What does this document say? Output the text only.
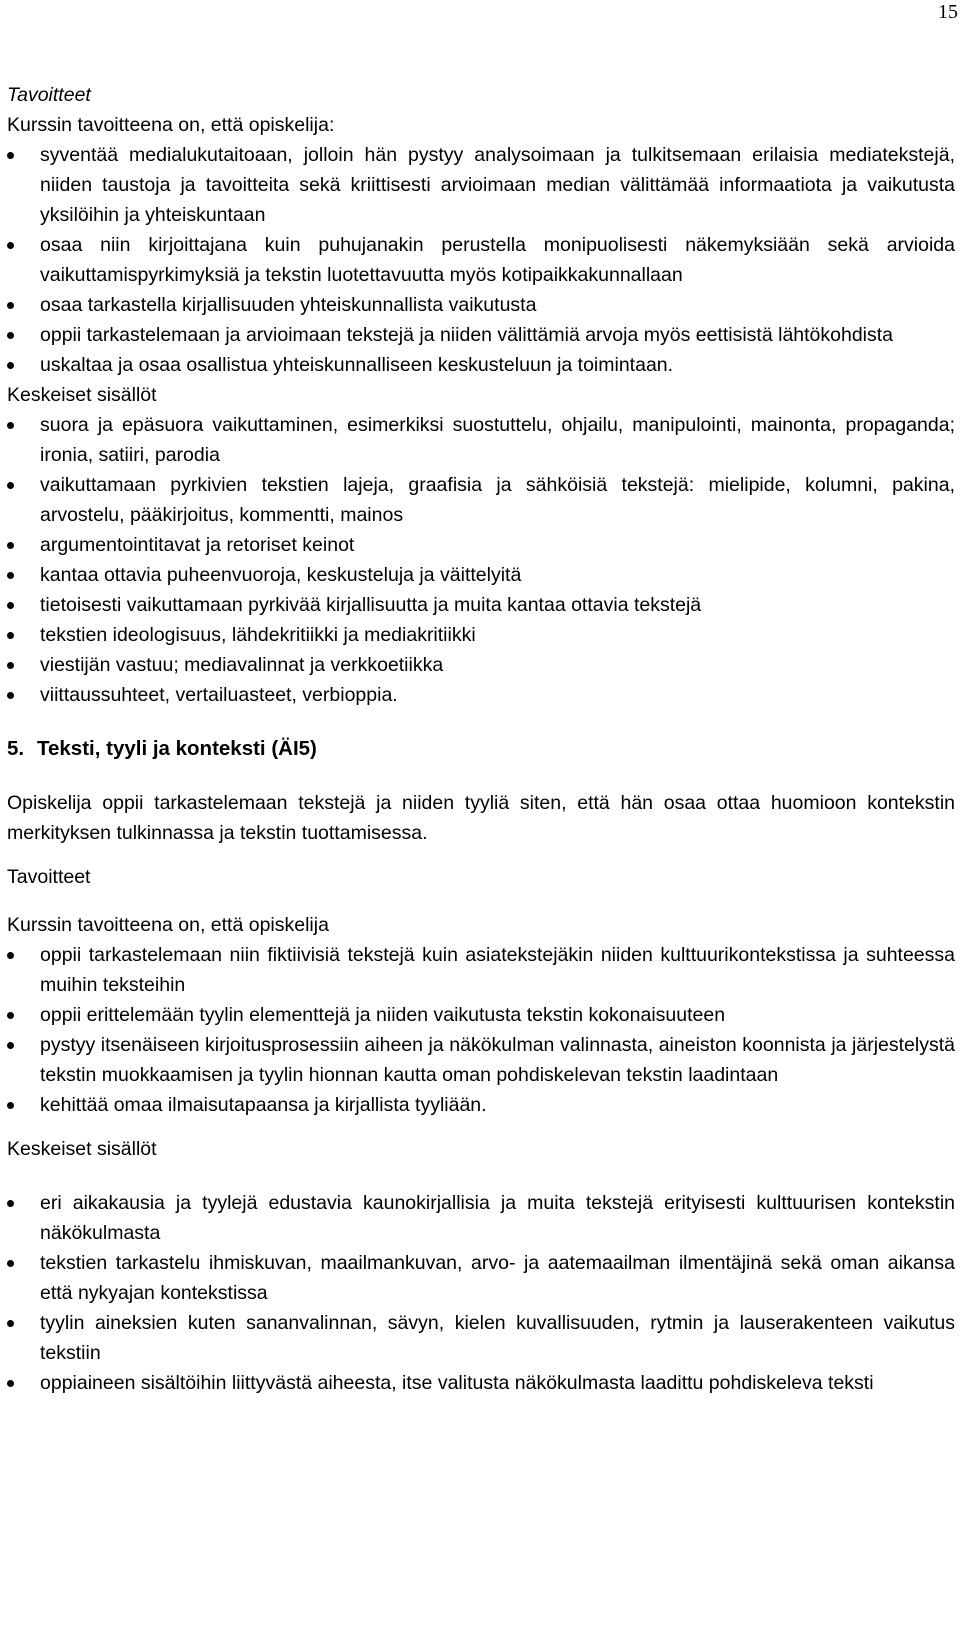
15
Tavoitteet
Kurssin tavoitteena on, että opiskelija:
syventää medialukutaitoaan, jolloin hän pystyy analysoimaan ja tulkitsemaan erilaisia mediatekstejä, niiden taustoja ja tavoitteita sekä kriittisesti arvioimaan median välittämää informaatiota ja vaikutusta yksilöihin ja yhteiskuntaan
osaa niin kirjoittajana kuin puhujanakin perustella monipuolisesti näkemyksiään sekä arvioida vaikuttamispyrkimyksiä ja tekstin luotettavuutta myös kotipaikkakunnallaan
osaa tarkastella kirjallisuuden yhteiskunnallista vaikutusta
oppii tarkastelemaan ja arvioimaan tekstejä ja niiden välittämiä arvoja myös eettisistä lähtökohdista
uskaltaa ja osaa osallistua yhteiskunnalliseen keskusteluun ja toimintaan.
Keskeiset sisällöt
suora ja epäsuora vaikuttaminen, esimerkiksi suostuttelu, ohjailu, manipulointi, mainonta, propaganda; ironia, satiiri, parodia
vaikuttamaan pyrkivien tekstien lajeja, graafisia ja sähköisiä tekstejä: mielipide, kolumni, pakina, arvostelu, pääkirjoitus, kommentti, mainos
argumentointitavat ja retoriset keinot
kantaa ottavia puheenvuoroja, keskusteluja ja väittelyitä
tietoisesti vaikuttamaan pyrkivää kirjallisuutta ja muita kantaa ottavia tekstejä
tekstien ideologisuus, lähdekritiikki ja mediakritiikki
viestijän vastuu; mediavalinnat ja verkkoetiikka
viittaussuhteet, vertailuasteet, verbioppia.
5. Teksti, tyyli ja konteksti (ÄI5)
Opiskelija oppii tarkastelemaan tekstejä ja niiden tyyliä siten, että hän osaa ottaa huomioon kontekstin merkityksen tulkinnassa ja tekstin tuottamisessa.
Tavoitteet
Kurssin tavoitteena on, että opiskelija
oppii tarkastelemaan niin fiktiivisiä tekstejä kuin asiatekstejäkin niiden kulttuurikontekstissa ja suhteessa muihin teksteihin
oppii erittelemään tyylin elementtejä ja niiden vaikutusta tekstin kokonaisuuteen
pystyy itsenäiseen kirjoitusprosessiin aiheen ja näkökulman valinnasta, aineiston koonnista ja järjestelystä tekstin muokkaamisen ja tyylin hionnan kautta oman pohdiskelevan tekstin laadintaan
kehittää omaa ilmaisutapaansa ja kirjallista tyyliään.
Keskeiset sisällöt
eri aikakausia ja tyylejä edustavia kaunokirjallisia ja muita tekstejä erityisesti kulttuurisen kontekstin näkökulmasta
tekstien tarkastelu ihmiskuvan, maailmankuvan, arvo- ja aatemaailman ilmentäjinä sekä oman aikansa että nykyajan kontekstissa
tyylin aineksien kuten sananvalinnan, sävyn, kielen kuvallisuuden, rytmin ja lauserakenteen vaikutus tekstiin
oppiaineen sisältöihin liittyvästä aiheesta, itse valitusta näkökulmasta laadittu pohdiskeleva teksti
